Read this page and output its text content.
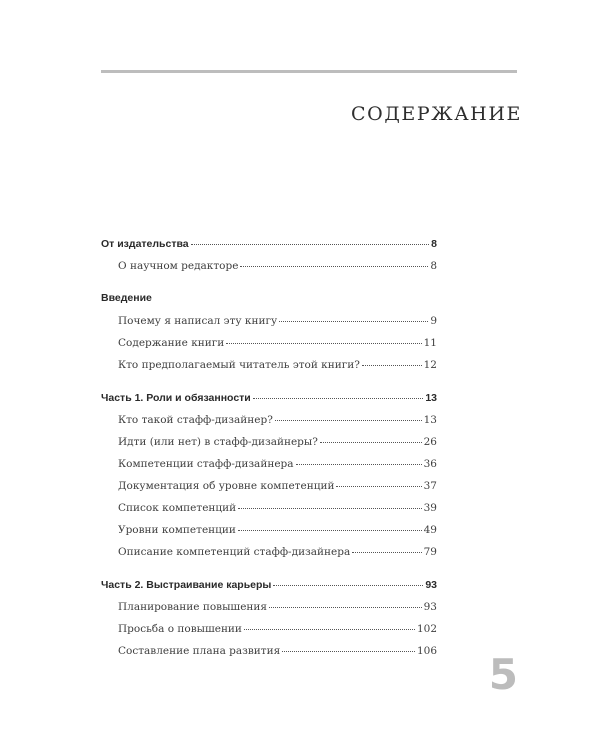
СОДЕРЖАНИЕ
От издательства	8
О научном редакторе	8
Введение
Почему я написал эту книгу	9
Содержание книги	11
Кто предполагаемый читатель этой книги?	12
Часть 1. Роли и обязанности	13
Кто такой стафф-дизайнер?	13
Идти (или нет) в стафф-дизайнеры?	26
Компетенции стафф-дизайнера	36
Документация об уровне компетенций	37
Список компетенций	39
Уровни компетенции	49
Описание компетенций стафф-дизайнера	79
Часть 2. Выстраивание карьеры	93
Планирование повышения	93
Просьба о повышении	102
Составление плана развития	106 5
